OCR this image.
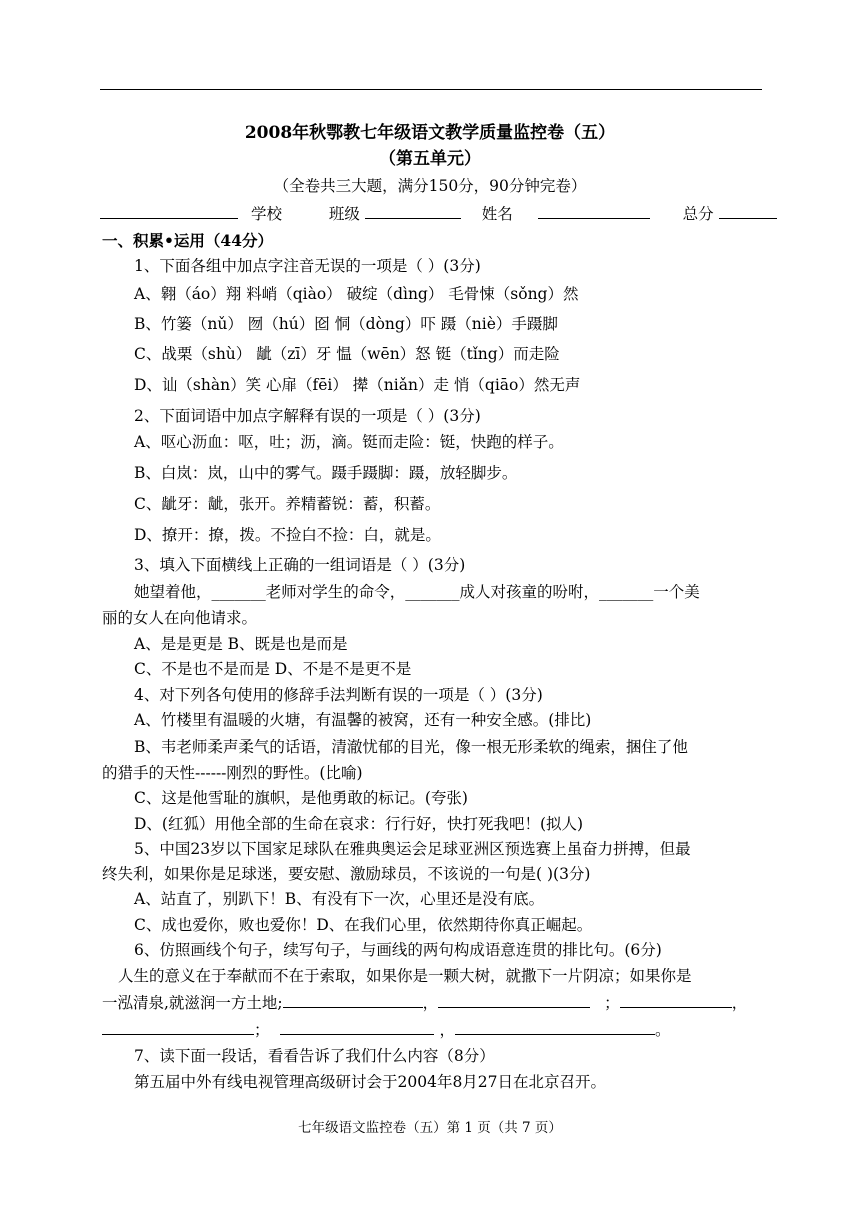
2008年秋鄂教七年级语文教学质量监控卷（五）
（第五单元）
（全卷共三大题，满分150分，90分钟完卷）
学校	班级	姓名	总分
一、积累•运用（44分）
1、下面各组中加点字注音无误的一项是（ ）(3分)
A、翱（áo）翔 料峭（qiào） 破绽（dìng） 毛骨悚（sǒng）然
B、竹篓（nǔ） 囫（hú）囵 恫（dòng）吓 蹑（niè）手蹑脚
C、战栗（shù） 龇（zī）牙 愠（wēn）怒 铤（tǐng）而走险
D、讪（shàn）笑 心扉（fēi） 撵（niǎn）走 悄（qiāo）然无声
2、下面词语中加点字解释有误的一项是（ ）(3分)
A、呕心沥血：呕，吐；沥，滴。铤而走险：铤，快跑的样子。
B、白岚：岚，山中的雾气。蹑手蹑脚：蹑，放轻脚步。
C、龇牙：龇，张开。养精蓄锐：蓄，积蓄。
D、撩开：撩，拨。不捡白不捡：白，就是。
3、填入下面横线上正确的一组词语是（ ）(3分)
她望着他，_______老师对学生的命令，_______成人对孩童的吩咐，_______一个美
丽的女人在向他请求。
A、是是更是 B、既是也是而是
C、不是也不是而是 D、不是不是更不是
4、对下列各句使用的修辞手法判断有误的一项是（ ）(3分)
A、竹楼里有温暖的火塘，有温馨的被窝，还有一种安全感。(排比)
B、韦老师柔声柔气的话语，清澈忧郁的目光，像一根无形柔软的绳索，捆住了他
的猎手的天性------刚烈的野性。(比喻)
C、这是他雪耻的旗帜，是他勇敢的标记。(夸张)
D、(红狐）用他全部的生命在哀求：行行好，快打死我吧！(拟人)
5、中国23岁以下国家足球队在雅典奥运会足球亚洲区预选赛上虽奋力拼搏，但最
终失利，如果你是足球迷，要安慰、激励球员，不该说的一句是( )(3分)
A、站直了，别趴下！B、有没有下一次，心里还是没有底。
C、成也爱你，败也爱你！D、在我们心里，依然期待你真正崛起。
6、仿照画线个句子，续写句子，与画线的两句构成语意连贯的排比句。(6分)
人生的意义在于奉献而不在于索取，如果你是一颗大树，就撒下一片阴凉；如果你是
一泓清泉,就滋润一方土地;	，	；	，
；	，	。
7、读下面一段话，看看告诉了我们什么内容（8分）
第五届中外有线电视管理高级研讨会于2004年8月27日在北京召开。
七年级语文监控卷（五）第 1 页（共 7 页）
